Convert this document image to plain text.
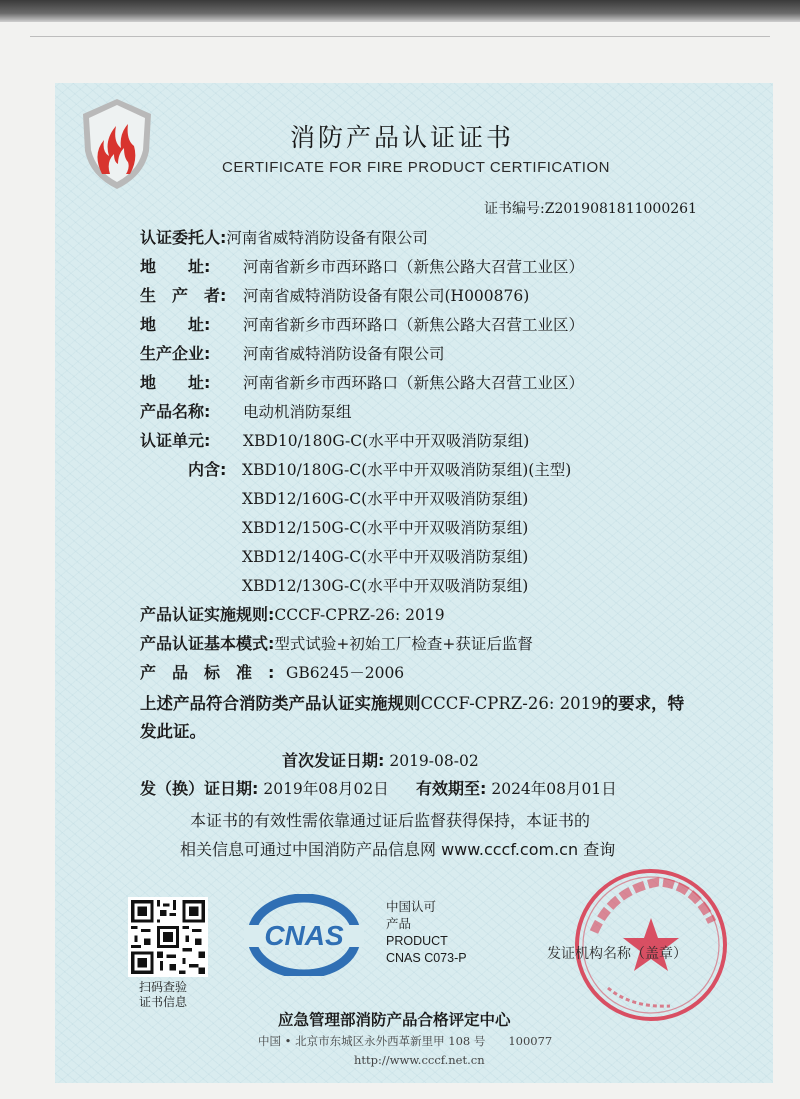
消防产品认证证书
CERTIFICATE FOR FIRE PRODUCT CERTIFICATION
证书编号:Z2019081811000261
认证委托人:河南省威特消防设备有限公司
地　　址: 河南省新乡市西环路口（新焦公路大召营工业区）
生　产　者: 河南省威特消防设备有限公司(H000876)
地　　址: 河南省新乡市西环路口（新焦公路大召营工业区）
生产企业: 河南省威特消防设备有限公司
地　　址: 河南省新乡市西环路口（新焦公路大召营工业区）
产品名称: 电动机消防泵组
认证单元: XBD10/180G-C(水平中开双吸消防泵组)
内含: XBD10/180G-C(水平中开双吸消防泵组)(主型)
XBD12/160G-C(水平中开双吸消防泵组)
XBD12/150G-C(水平中开双吸消防泵组)
XBD12/140G-C(水平中开双吸消防泵组)
XBD12/130G-C(水平中开双吸消防泵组)
产品认证实施规则:CCCF-CPRZ-26: 2019
产品认证基本模式:型式试验+初始工厂检查+获证后监督
产　品　标　准　: GB6245－2006
上述产品符合消防类产品认证实施规则CCCF-CPRZ-26: 2019的要求，特发此证。
首次发证日期: 2019-08-02
发（换）证日期: 2019年08月02日 有效期至: 2024年08月01日
本证书的有效性需依靠通过证后监督获得保持，本证书的
相关信息可通过中国消防产品信息网 www.cccf.com.cn 查询
扫码查验
证书信息
CNAS
中国认可
产品
PRODUCT
CNAS C073-P	发证机构名称（盖章）
应急管理部消防产品合格评定中心
中国 • 北京市东城区永外西革新里甲 108 号　　100077
http://www.cccf.net.cn
